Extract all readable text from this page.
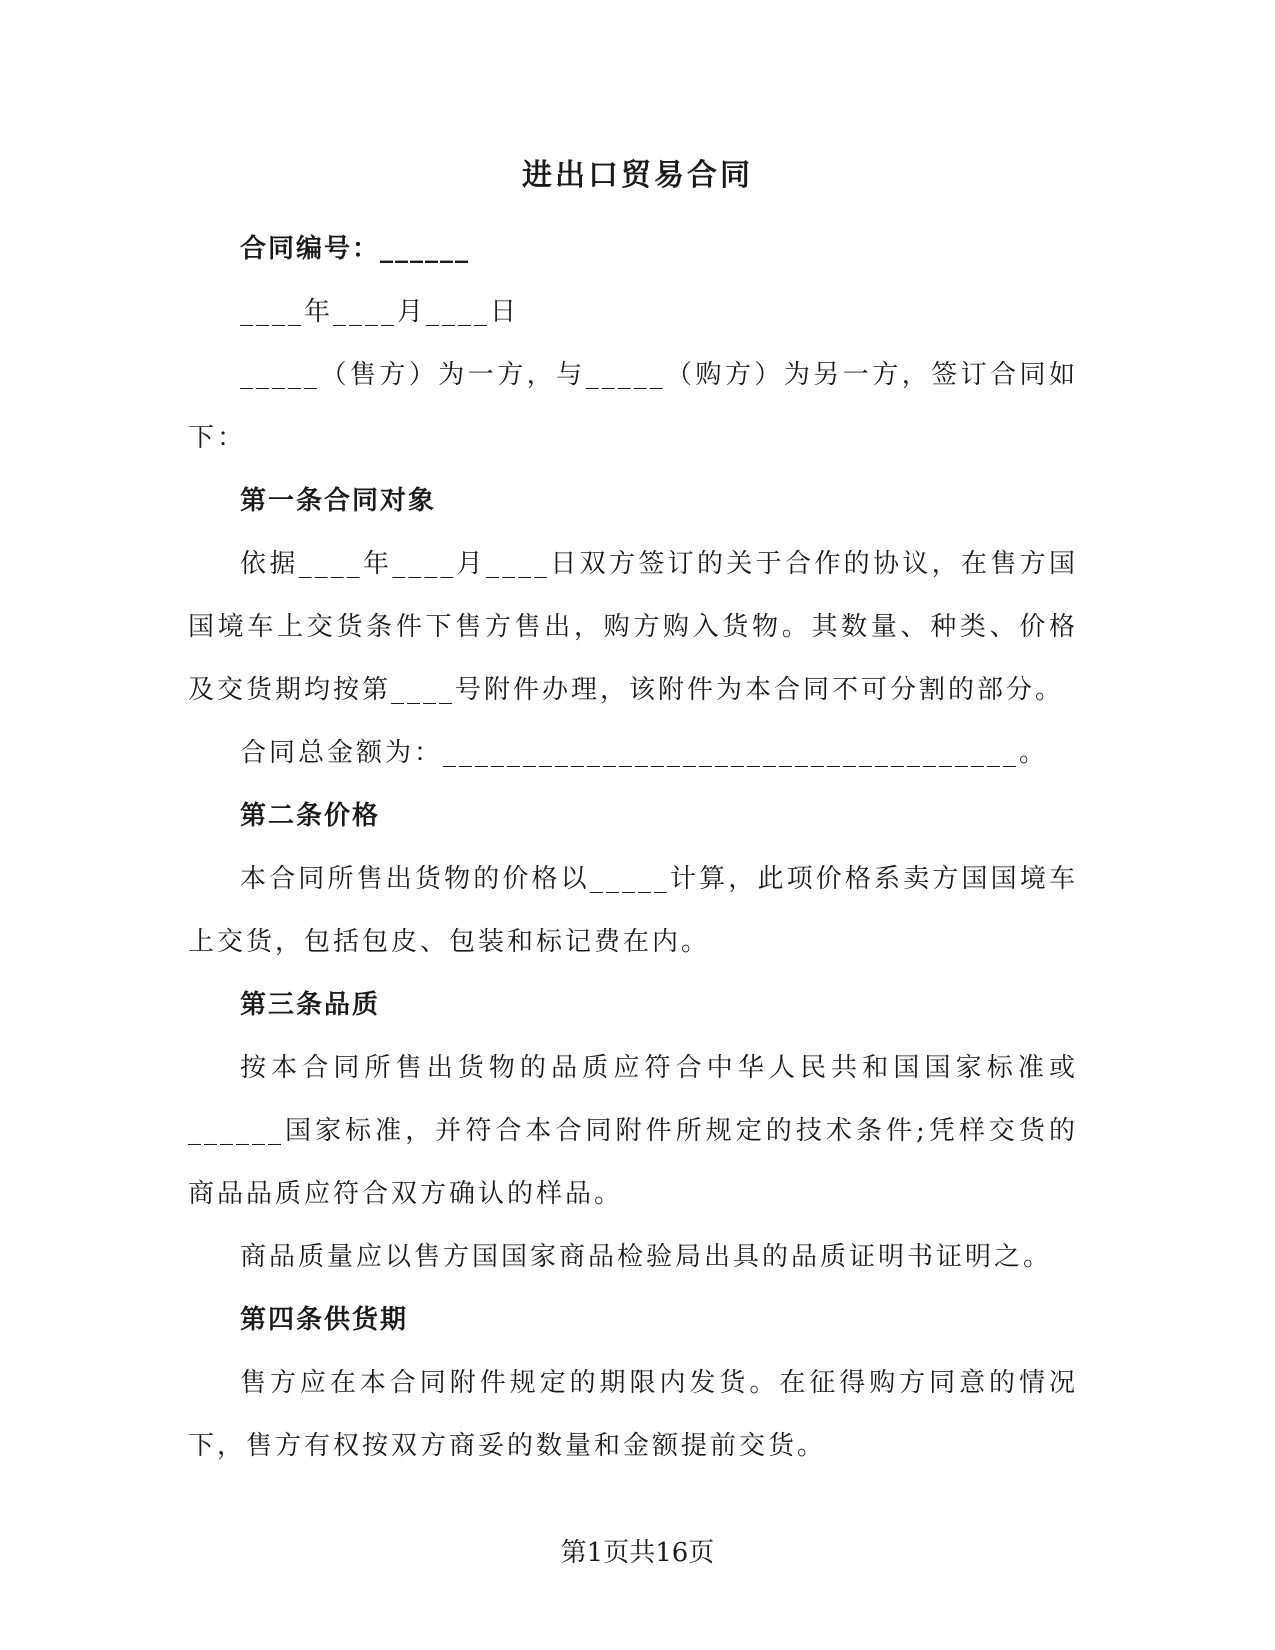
进出口贸易合同

合同编号：______

____年____月____日

_____（售方）为一方，与_____（购方）为另一方，签订合同如下：

第一条合同对象

依据____年____月____日双方签订的关于合作的协议，在售方国国境车上交货条件下售方售出，购方购入货物。其数量、种类、价格及交货期均按第____号附件办理，该附件为本合同不可分割的部分。

合同总金额为：____________________________________。

第二条价格

本合同所售出货物的价格以_____计算，此项价格系卖方国国境车上交货，包括包皮、包装和标记费在内。

第三条品质

按本合同所售出货物的品质应符合中华人民共和国国家标准或______国家标准，并符合本合同附件所规定的技术条件;凭样交货的商品品质应符合双方确认的样品。

商品质量应以售方国国家商品检验局出具的品质证明书证明之。

第四条供货期

售方应在本合同附件规定的期限内发货。在征得购方同意的情况下，售方有权按双方商妥的数量和金额提前交货。

第1页共16页
